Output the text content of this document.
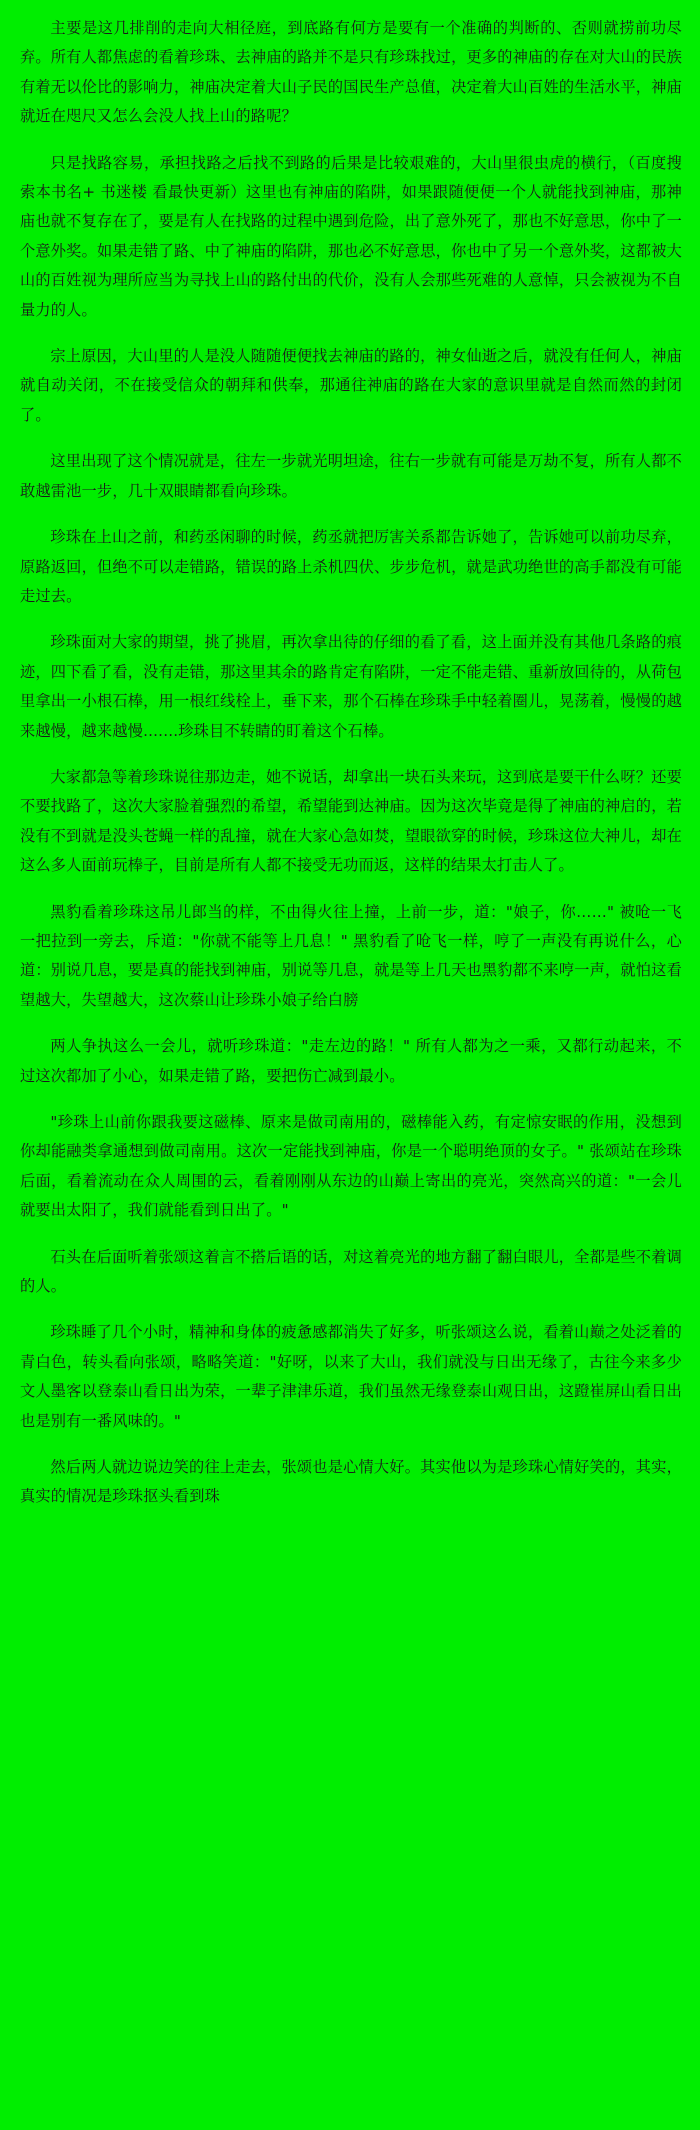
主要是这几排削的走向大相径庭，到底路有何方是要有一个准确的判断的、否则就捞前功尽弃。所有人都焦虑的看着珍珠、去神庙的路并不是只有珍珠找过，更多的神庙的存在对大山的民族有着无以伦比的影响力，神庙决定着大山子民的国民生产总值，决定着大山百姓的生活水平，神庙就近在咫尺又怎么会没人找上山的路呢？

只是找路容易，承担找路之后找不到路的后果是比较艰难的，大山里很虫虎的横行，（百度搜索本书名+ 书迷楼 看最快更新）这里也有神庙的陷阱，如果跟随便便一个人就能找到神庙，那神庙也就不复存在了，要是有人在找路的过程中遇到危险，出了意外死了，那也不好意思，你中了一个意外奖。如果走错了路、中了神庙的陷阱，那也必不好意思，你也中了另一个意外奖，这都被大山的百姓视为理所应当为寻找上山的路付出的代价，没有人会那些死难的人意悼，只会被视为不自量力的人。

宗上原因，大山里的人是没人随随便便找去神庙的路的，神女仙逝之后，就没有任何人，神庙就自动关闭，不在接受信众的朝拜和供奉，那通往神庙的路在大家的意识里就是自然而然的封闭了。

这里出现了这个情况就是，往左一步就光明坦途，往右一步就有可能是万劫不复，所有人都不敢越雷池一步，几十双眼睛都看向珍珠。

珍珠在上山之前，和药丞闲聊的时候，药丞就把厉害关系都告诉她了，告诉她可以前功尽弃，原路返回，但绝不可以走错路，错误的路上杀机四伏、步步危机，就是武功绝世的高手都没有可能走过去。

珍珠面对大家的期望，挑了挑眉，再次拿出待的仔细的看了看，这上面并没有其他几条路的痕迹，四下看了看，没有走错，那这里其余的路肯定有陷阱，一定不能走错、重新放回待的，从荷包里拿出一小根石棒，用一根红线栓上，垂下来，那个石棒在珍珠手中轻着圈儿，晃荡着，慢慢的越来越慢，越来越慢.......珍珠目不转睛的盯着这个石棒。

大家都急等着珍珠说往那边走，她不说话，却拿出一块石头来玩，这到底是要干什么呀？还要不要找路了，这次大家脸着强烈的希望，希望能到达神庙。因为这次毕竟是得了神庙的神启的，若没有不到就是没头苍蝇一样的乱撞，就在大家心急如焚，望眼欲穿的时候，珍珠这位大神儿，却在这么多人面前玩棒子，目前是所有人都不接受无功而返，这样的结果太打击人了。

黑豹看着珍珠这吊儿郎当的样，不由得火往上撞，上前一步，道："娘子，你……" 被呛一飞一把拉到一旁去，斥道："你就不能等上几息！" 黑豹看了呛飞一样，哼了一声没有再说什么，心道：别说几息，要是真的能找到神庙，别说等几息，就是等上几天也黑豹都不来哼一声，就怕这看望越大，失望越大，这次蔡山让珍珠小娘子给白膀

两人争执这么一会儿，就听珍珠道："走左边的路！" 所有人都为之一乘，又都行动起来，不过这次都加了小心，如果走错了路，要把伤亡减到最小。

"珍珠上山前你跟我要这磁棒、原来是做司南用的，磁棒能入药，有定惊安眠的作用，没想到你却能融类拿通想到做司南用。这次一定能找到神庙，你是一个聪明绝顶的女子。" 张颂站在珍珠后面，看着流动在众人周围的云，看着刚刚从东边的山巅上寄出的亮光，突然高兴的道："一会儿就要出太阳了，我们就能看到日出了。"

石头在后面听着张颂这着言不搭后语的话，对这着亮光的地方翻了翻白眼儿，全都是些不着调的人。

珍珠睡了几个小时，精神和身体的疲惫感都消失了好多，听张颂这么说，看着山巅之处泛着的青白色，转头看向张颂，略略笑道："好呀，以来了大山，我们就没与日出无缘了，古往今来多少文人墨客以登泰山看日出为荣，一辈子津津乐道，我们虽然无缘登泰山观日出，这蹬崔屏山看日出也是别有一番风味的。"

然后两人就边说边笑的往上走去，张颂也是心情大好。其实他以为是珍珠心情好笑的，其实，真实的情况是珍珠抠头看到珠
